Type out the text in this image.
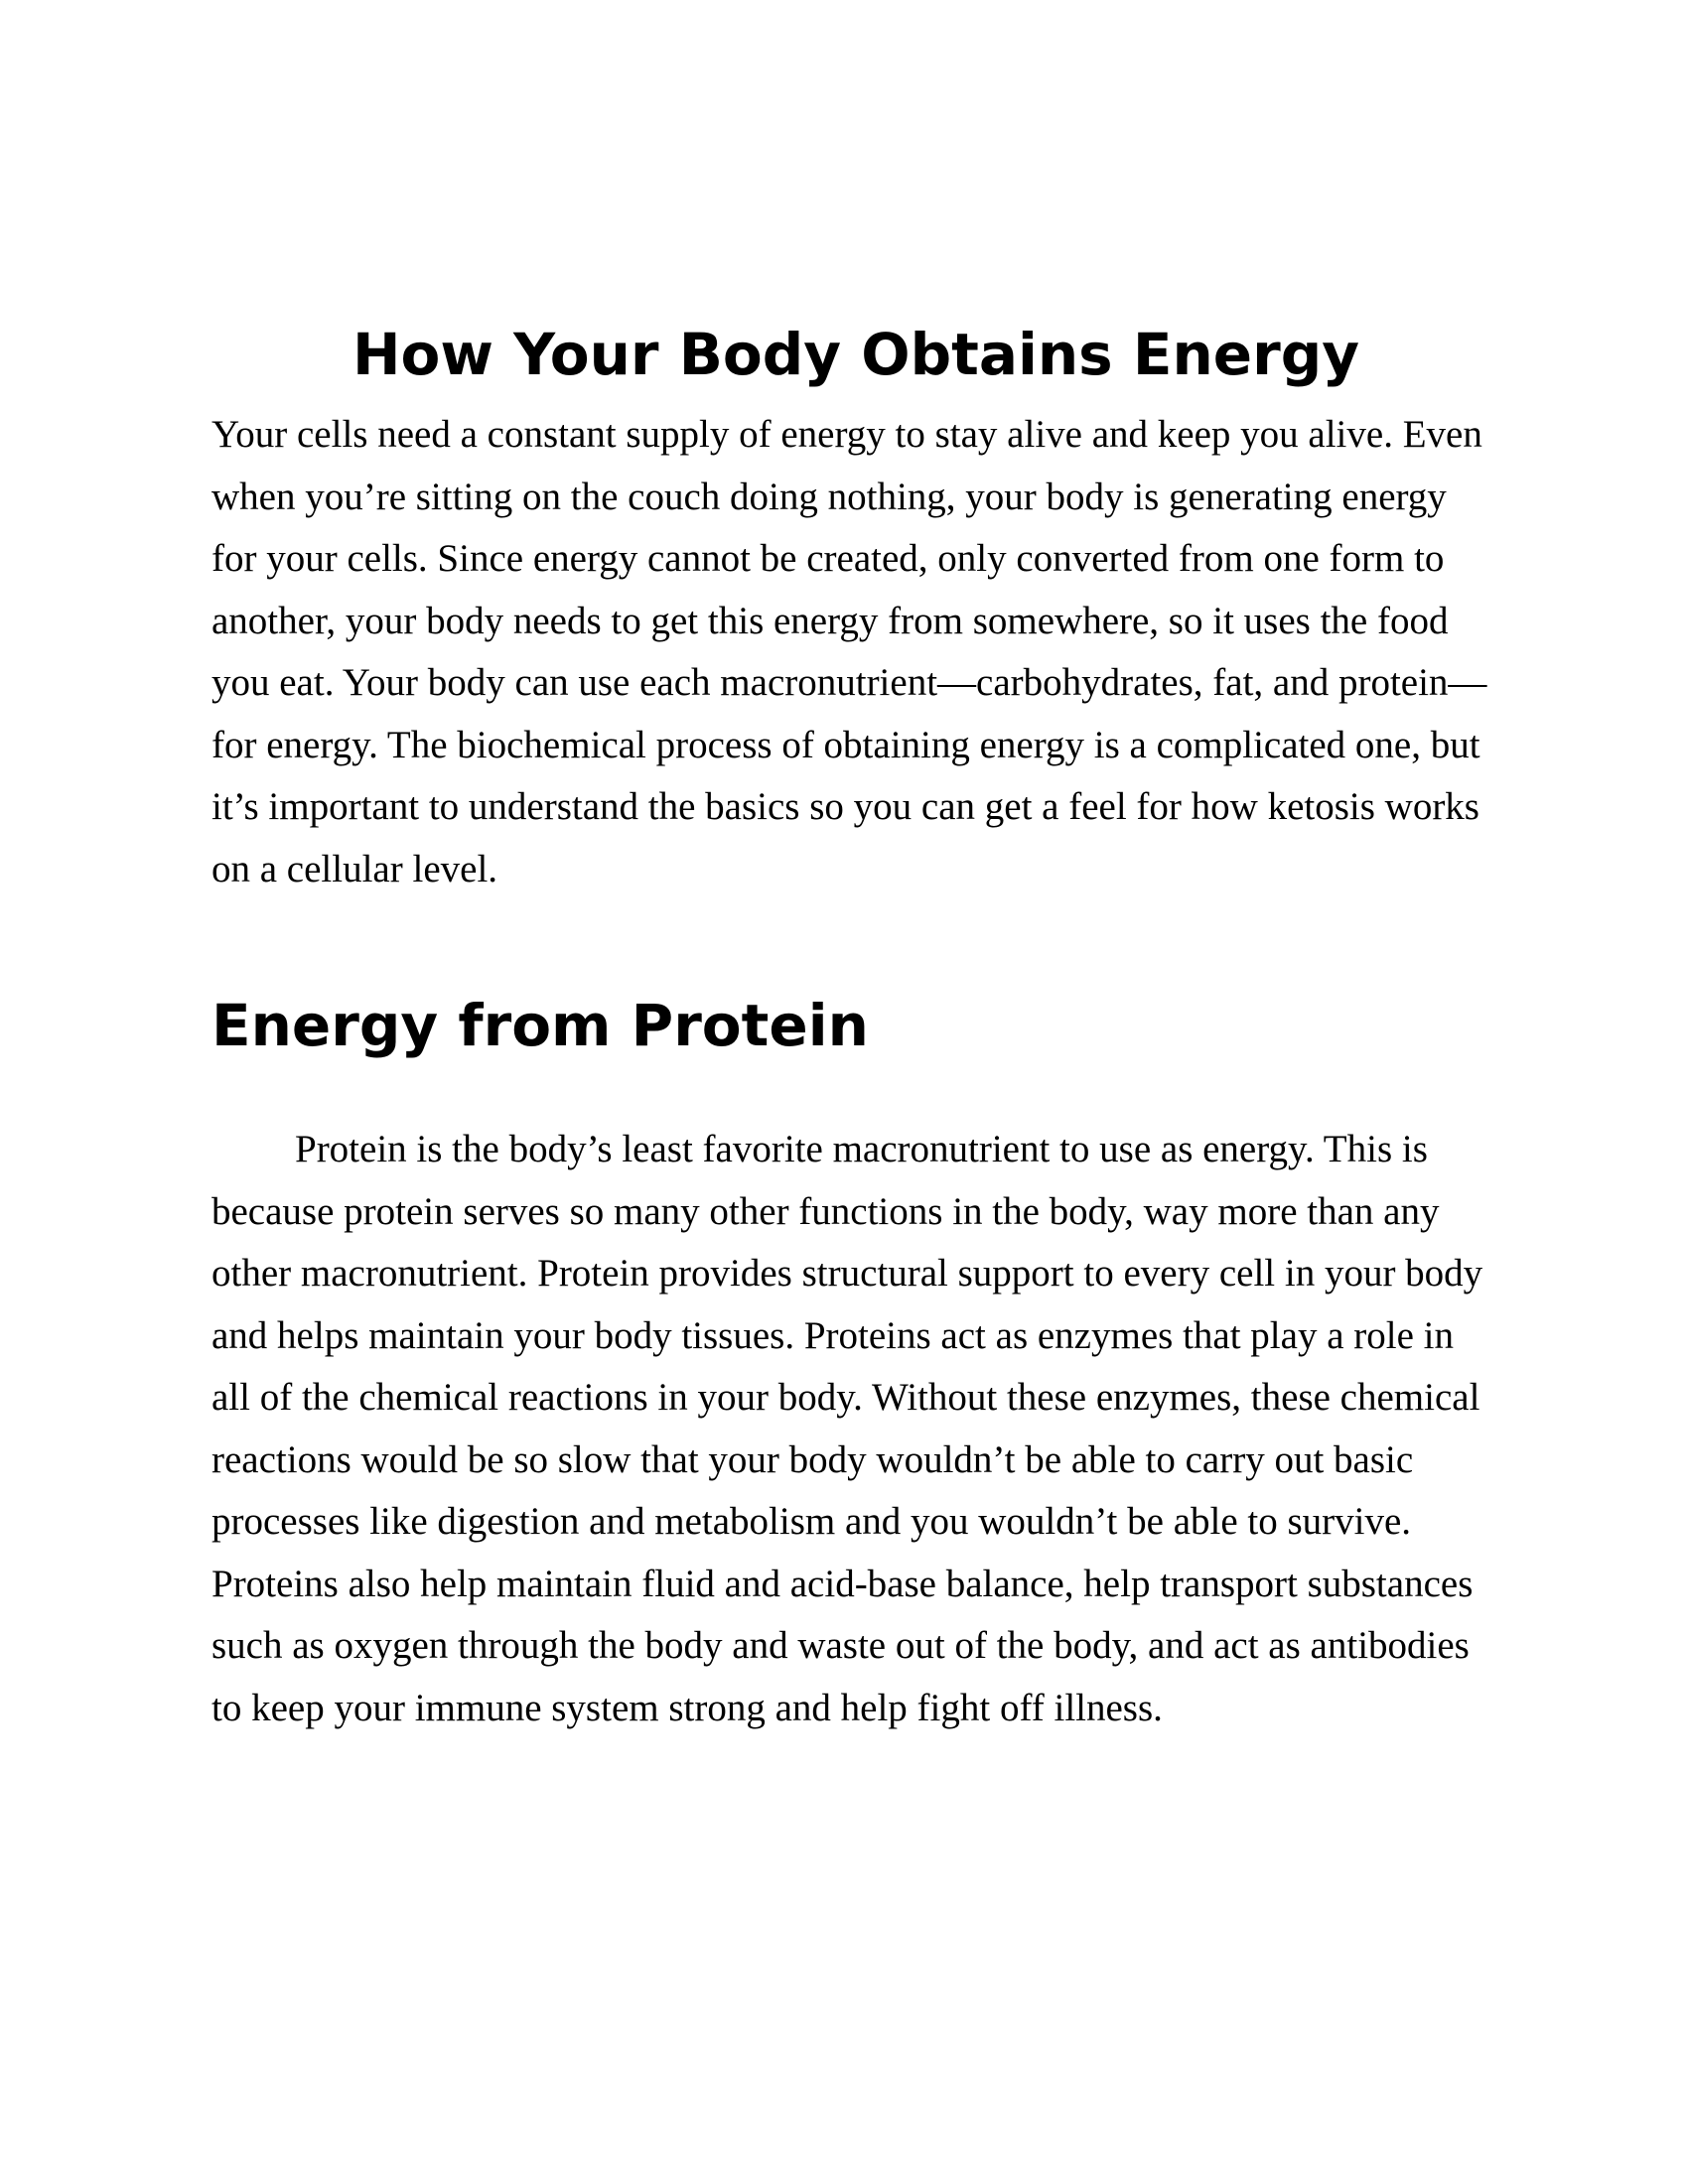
How Your Body Obtains Energy

Your cells need a constant supply of energy to stay alive and keep you alive. Even when you’re sitting on the couch doing nothing, your body is generating energy for your cells. Since energy cannot be created, only converted from one form to another, your body needs to get this energy from somewhere, so it uses the food you eat. Your body can use each macronutrient—carbohydrates, fat, and protein—for energy. The biochemical process of obtaining energy is a complicated one, but it’s important to understand the basics so you can get a feel for how ketosis works on a cellular level.

Energy from Protein

Protein is the body’s least favorite macronutrient to use as energy. This is because protein serves so many other functions in the body, way more than any other macronutrient. Protein provides structural support to every cell in your body and helps maintain your body tissues. Proteins act as enzymes that play a role in all of the chemical reactions in your body. Without these enzymes, these chemical reactions would be so slow that your body wouldn’t be able to carry out basic processes like digestion and metabolism and you wouldn’t be able to survive. Proteins also help maintain fluid and acid-base balance, help transport substances such as oxygen through the body and waste out of the body, and act as antibodies to keep your immune system strong and help fight off illness.
